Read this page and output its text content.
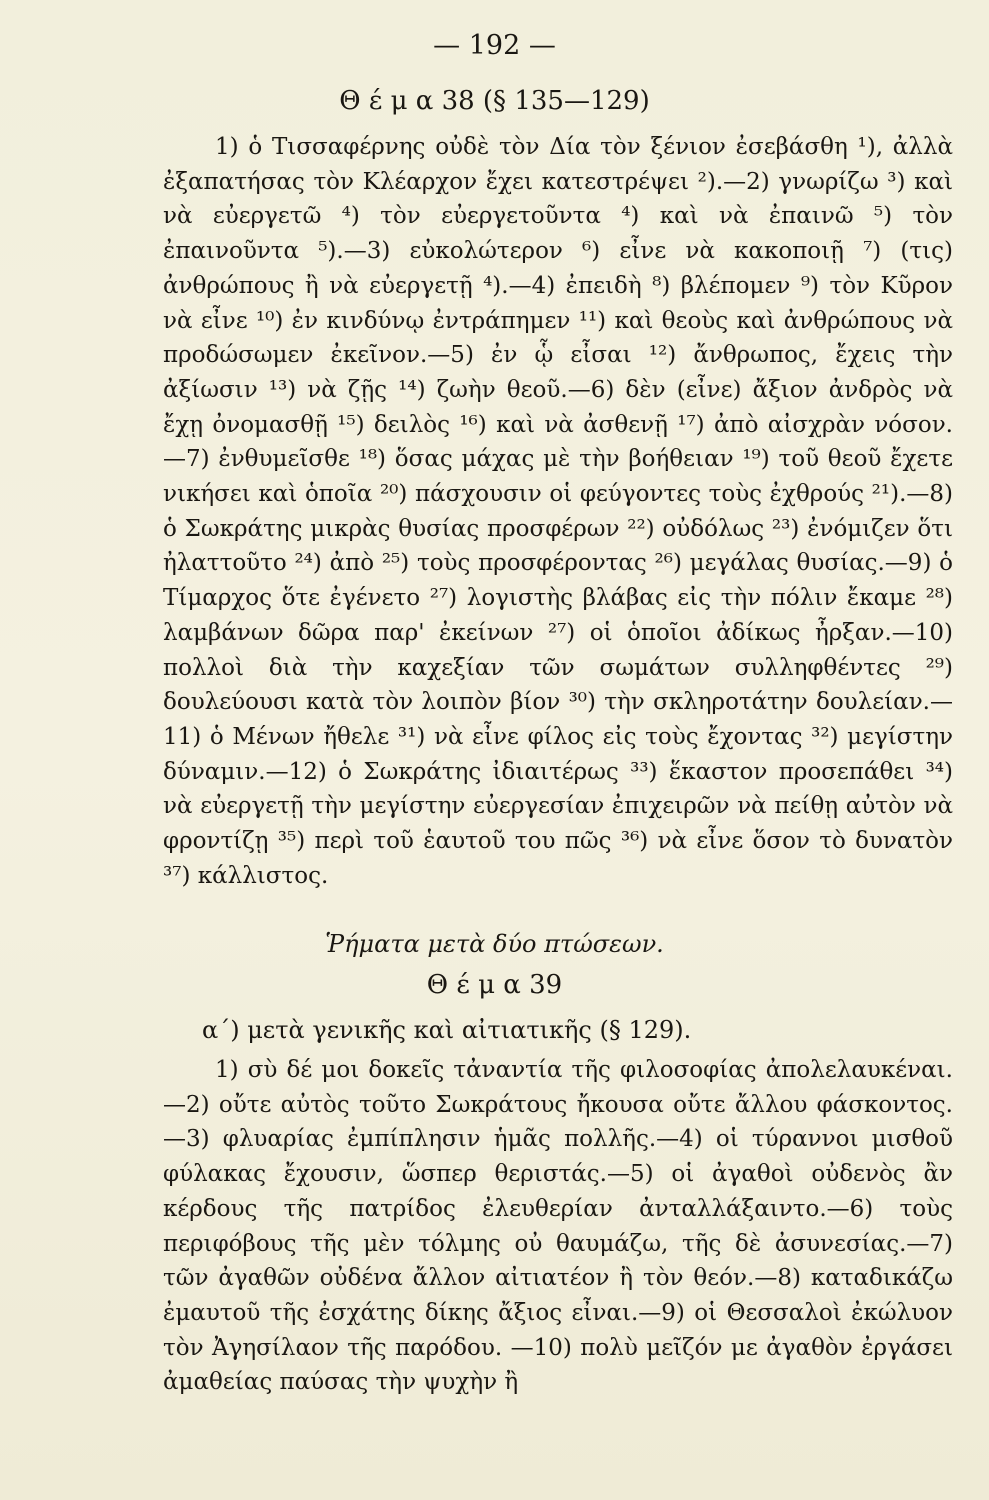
— 192 —
Θ έ μ α 38 (§ 135—129)

1) ὁ Τισσαφέρνης οὐδὲ τὸν Δία τὸν ξένιον ἐσεβάσθη ¹), ἀλλὰ ἐξαπατήσας τὸν Κλέαρχον ἔχει κατεστρέψει ²).—2) γνωρίζω ³) καὶ νὰ εὐεργετῶ ⁴) τὸν εὐεργετοῦντα ⁴) καὶ νὰ ἐπαινῶ ⁵) τὸν ἐπαινοῦντα ⁵).—3) εὐκολώτερον ⁶) εἶνε νὰ κακοποιῇ ⁷) (τις) ἀνθρώπους ἢ νὰ εὐεργετῇ ⁴).—4) ἐπειδὴ ⁸) βλέπομεν ⁹) τὸν Κῦρον νὰ εἶνε ¹⁰) ἐν κινδύνῳ ἐντράπημεν ¹¹) καὶ θεοὺς καὶ ἀνθρώπους νὰ προδώσωμεν ἐκεῖνον.—5) ἐν ᾧ εἶσαι ¹²) ἄνθρωπος, ἔχεις τὴν ἀξίωσιν ¹³) νὰ ζῇς ¹⁴) ζωὴν θεοῦ.—6) δὲν (εἶνε) ἄξιον ἀνδρὸς νὰ ἔχῃ ὀνομασθῇ ¹⁵) δειλὸς ¹⁶) καὶ νὰ ἀσθενῇ ¹⁷) ἀπὸ αἰσχρὰν νόσον. —7) ἐνθυμεῖσθε ¹⁸) ὅσας μάχας μὲ τὴν βοήθειαν ¹⁹) τοῦ θεοῦ ἔχετε νικήσει καὶ ὁποῖα ²⁰) πάσχουσιν οἱ φεύγοντες τοὺς ἐχθρούς ²¹).—8) ὁ Σωκράτης μικρὰς θυσίας προσφέρων ²²) οὐδόλως ²³) ἐνόμιζεν ὅτι ἠλαττοῦτο ²⁴) ἀπὸ ²⁵) τοὺς προσφέροντας ²⁶) μεγάλας θυσίας.—9) ὁ Τίμαρχος ὅτε ἐγένετο ²⁷) λογιστὴς βλάβας εἰς τὴν πόλιν ἔκαμε ²⁸) λαμβάνων δῶρα παρ' ἐκείνων ²⁷) οἱ ὁποῖοι ἀδίκως ἦρξαν.—10) πολλοὶ διὰ τὴν καχεξίαν τῶν σωμάτων συλληφθέντες ²⁹) δουλεύουσι κατὰ τὸν λοιπὸν βίον ³⁰) τὴν σκληροτάτην δουλείαν.—11) ὁ Μένων ἤθελε ³¹) νὰ εἶνε φίλος εἰς τοὺς ἔχοντας ³²) μεγίστην δύναμιν.—12) ὁ Σωκράτης ἰδιαιτέρως ³³) ἕκαστον προσεπάθει ³⁴) νὰ εὐεργετῇ τὴν μεγίστην εὐεργεσίαν ἐπιχειρῶν νὰ πείθῃ αὐτὸν νὰ φροντίζῃ ³⁵) περὶ τοῦ ἑαυτοῦ του πῶς ³⁶) νὰ εἶνε ὅσον τὸ δυνατὸν ³⁷) κάλλιστος.

Ῥήματα μετὰ δύο πτώσεων.
Θ έ μ α 39
α΄) μετὰ γενικῆς καὶ αἰτιατικῆς (§ 129).

1) σὺ δέ μοι δοκεῖς τἀναντία τῆς φιλοσοφίας ἀπολελαυκέναι.—2) οὔτε αὐτὸς τοῦτο Σωκράτους ἤκουσα οὔτε ἄλλου φάσκοντος.—3) φλυαρίας ἐμπίπλησιν ἡμᾶς πολλῆς.—4) οἱ τύραννοι μισθοῦ φύλακας ἔχουσιν, ὥσπερ θεριστάς.—5) οἱ ἀγαθοὶ οὐδενὸς ἂν κέρδους τῆς πατρίδος ἐλευθερίαν ἀνταλλάξαιντο.—6) τοὺς περιφόβους τῆς μὲν τόλμης οὐ θαυμάζω, τῆς δὲ ἀσυνεσίας.—7) τῶν ἀγαθῶν οὐδένα ἄλλον αἰτιατέον ἢ τὸν θεόν.—8) καταδικάζω ἐμαυτοῦ τῆς ἐσχάτης δίκης ἄξιος εἶναι.—9) οἱ Θεσσαλοὶ ἐκώλυον τὸν Ἀγησίλαον τῆς παρόδου. —10) πολὺ μεῖζόν με ἀγαθὸν ἐργάσει ἀμαθείας παύσας τὴν ψυχὴν ἢ
